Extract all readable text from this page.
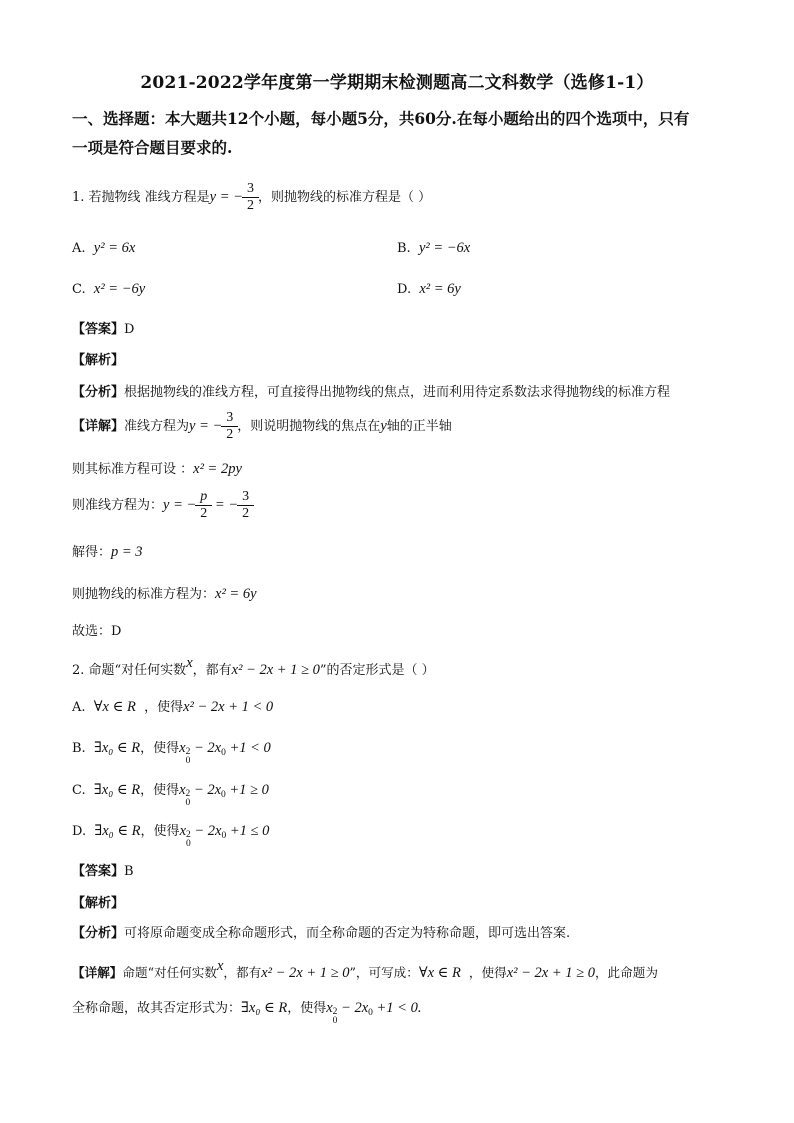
2021-2022学年度第一学期期末检测题高二文科数学（选修1-1）
一、选择题：本大题共12个小题，每小题5分，共60分.在每小题给出的四个选项中，只有
一项是符合题目要求的.
1. 若抛物线 准线方程是y = − $\frac{3}{2}$ ，则抛物线的标准方程是（ ）
A. y² = 6x	B. y² = −6x
C. x² = −6y	D. x² = 6y
【答案】D
【解析】
【分析】根据抛物线的准线方程，可直接得出抛物线的焦点，进而利用待定系数法求得抛物线的标准方程
【详解】准线方程为y = − $\frac{3}{2}$ ，则说明抛物线的焦点在y轴的正半轴
则其标准方程可设 ：x² = 2py
则准线方程为：y = − $\frac{p}{2}$ = − $\frac{3}{2}$
解得：p = 3
则抛物线的标准方程为：x² = 6y
故选：D
2. 命题“对任何实数$^x$，都有x² − 2x + 1 ≥ 0”的否定形式是（ ）
A. ∀x ∈ R ，使得x² − 2x + 1 < 0
B. ∃x₀ ∈ R，使得x 2
0
− $2x_0 +1 < 0$
C. ∃x₀ ∈ R，使得x 2
0
− $2x_0 +1 \ge 0$
D. ∃x₀ ∈ R，使得x 2
0
− $2x_0 +1 \le 0$
【答案】B
【解析】
【分析】可将原命题变成全称命题形式，而全称命题的否定为特称命题，即可选出答案.
【详解】命题“对任何实数$^x$，都有x² − 2x + 1 ≥ 0”，可写成：∀x ∈ R ，使得x² − 2x + 1 ≥ 0，此命题为
全称命题，故其否定形式为：∃x₀ ∈ R，使得x 2
0
− $2x_0 +1 < 0$.
